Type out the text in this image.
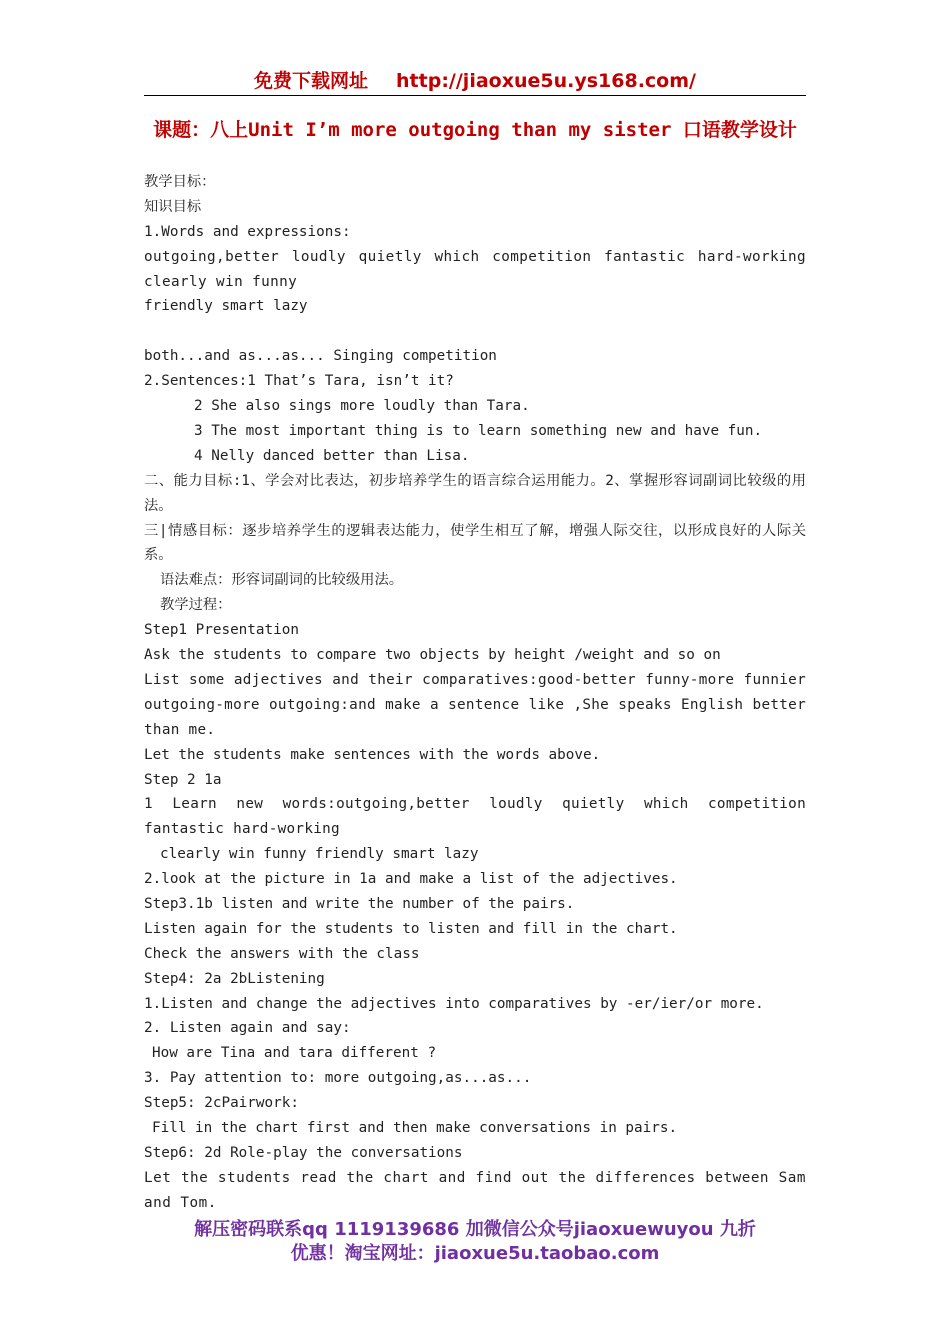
免费下载网址 http://jiaoxue5u.ys168.com/
课题：八上Unit I’m more outgoing than my sister 口语教学设计
教学目标：
知识目标
1.Words and expressions:
outgoing,better loudly quietly which competition fantastic hard-working clearly win funny
friendly smart lazy
both...and as...as... Singing competition
2.Sentences:1 That’s Tara, isn’t it?
2 She also sings more loudly than Tara.
3 The most important thing is to learn something new and have fun.
4 Nelly danced better than Lisa.
二、能力目标:1、学会对比表达，初步培养学生的语言综合运用能力。2、掌握形容词副词比较级的用法。
三|情感目标：逐步培养学生的逻辑表达能力，使学生相互了解，增强人际交往，以形成良好的人际关系。
语法难点：形容词副词的比较级用法。
教学过程：
Step1 Presentation
Ask the students to compare two objects by height /weight and so on
List some adjectives and their comparatives:good-better funny-more funnier outgoing-more outgoing:and make a sentence like ,She speaks English better than me.
Let the students make sentences with the words above.
Step 2 1a
1 Learn new words:outgoing,better loudly quietly which competition fantastic hard-working
clearly win funny friendly smart lazy
2.look at the picture in 1a and make a list of the adjectives.
Step3.1b listen and write the number of the pairs.
Listen again for the students to listen and fill in the chart.
Check the answers with the class
Step4: 2a 2bListening
1.Listen and change the adjectives into comparatives by -er/ier/or more.
2. Listen again and say:
How are Tina and tara different ?
3. Pay attention to: more outgoing,as...as...
Step5: 2cPairwork:
Fill in the chart first and then make conversations in pairs.
Step6: 2d Role-play the conversations
Let the students read the chart and find out the differences between Sam and Tom.
解压密码联系qq 1119139686 加微信公众号jiaoxuewuyou 九折
优惠！淘宝网址：jiaoxue5u.taobao.com
